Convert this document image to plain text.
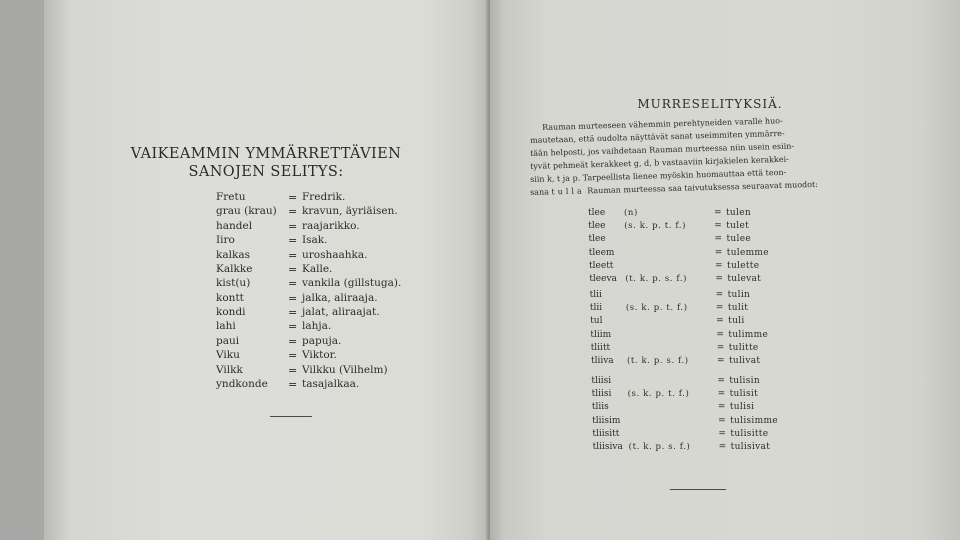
VAIKEAMMIN YMMÄRRETTÄVIEN
SANOJEN SELITYS:
Fretu	= Fredrik.
grau (krau) = kravun, äyriäisen.
handel	= raajarikko.
Iiro	= Isak.
kalkas	= uroshaahka.
Kalkke	= Kalle.
kist(u)	= vankila (gillstuga).
kontt	= jalka, aliraaja.
kondi	= jalat, aliraajat.
lahi	= lahja.
paui	= papuja.
Viku	= Viktor.
Vilkk	= Vilkku (Vilhelm)
yndkonde = tasajalkaa.
MURRESELITYKSIÄ.
Rauman murteeseen vähemmin perehtyneiden varalle huo-
mautetaan, että oudolta näyttävät sanat useimmiten ymmärre-
tään helposti, jos vaihdetaan Rauman murteessa niin usein esiin-
tyvät pehmeät kerakkeet g, d, b vastaaviin kirjakielen kerakkei-
siin k, t ja p. Tarpeellista lienee myöskin huomauttaa että teon-
sana tulla Rauman murteessa saa taivutuksessa seuraavat muodot:
tlee (n)	= tulen
tlee (s. k. p. t. f.)	= tulet
tlee	= tulee
tleem	= tulemme
tleett	= tulette
tleeva (t. k. p. s. f.)	= tulevat
tlii	= tulin
tlii	(s. k. p. t. f.)	= tulit
tul	= tuli
tliim	= tulimme
tliitt	= tulitte
tliiva (t. k. p. s. f.)	= tulivat
tliisi	= tulisin
tliisi (s. k. p. t. f.)	= tulisit
tliis	= tulisi
tliisim	= tulisimme
tliisitt	= tulisitte
tliisiva (t. k. p. s. f.)	= tulisivat
